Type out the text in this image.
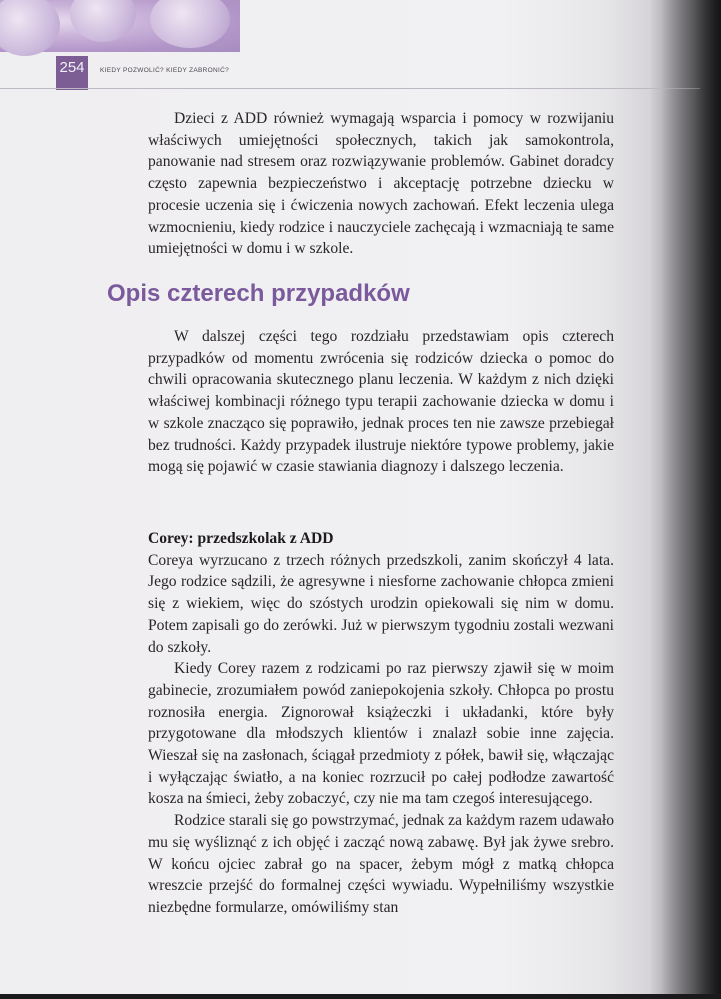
254	KIEDY POZWOLIĆ? KIEDY ZABRONIĆ?

Dzieci z ADD również wymagają wsparcia i pomocy w rozwijaniu właściwych umiejętności społecznych, takich jak samokontrola, panowanie nad stresem oraz rozwiązywanie problemów. Gabinet doradcy często zapewnia bezpieczeństwo i akceptację potrzebne dziecku w procesie uczenia się i ćwiczenia nowych zachowań. Efekt leczenia ulega wzmocnieniu, kiedy rodzice i nauczyciele zachęcają i wzmacniają te same umiejętności w domu i w szkole.

Opis czterech przypadków

W dalszej części tego rozdziału przedstawiam opis czterech przypadków od momentu zwrócenia się rodziców dziecka o pomoc do chwili opracowania skutecznego planu leczenia. W każdym z nich dzięki właściwej kombinacji różnego typu terapii zachowanie dziecka w domu i w szkole znacząco się poprawiło, jednak proces ten nie zawsze przebiegał bez trudności. Każdy przypadek ilustruje niektóre typowe problemy, jakie mogą się pojawić w czasie stawiania diagnozy i dalszego leczenia.

Corey: przedszkolak z ADD

Coreya wyrzucano z trzech różnych przedszkoli, zanim skończył 4 lata. Jego rodzice sądzili, że agresywne i niesforne zachowanie chłopca zmieni się z wiekiem, więc do szóstych urodzin opiekowali się nim w domu. Potem zapisali go do zerówki. Już w pierwszym tygodniu zostali wezwani do szkoły.

Kiedy Corey razem z rodzicami po raz pierwszy zjawił się w moim gabinecie, zrozumiałem powód zaniepokojenia szkoły. Chłopca po prostu roznosiła energia. Zignorował książeczki i układanki, które były przygotowane dla młodszych klientów i znalazł sobie inne zajęcia. Wieszał się na zasłonach, ściągał przedmioty z półek, bawił się, włączając i wyłączając światło, a na koniec rozrzucił po całej podłodze zawartość kosza na śmieci, żeby zobaczyć, czy nie ma tam czegoś interesującego.

Rodzice starali się go powstrzymać, jednak za każdym razem udawało mu się wyśliznąć z ich objęć i zacząć nową zabawę. Był jak żywe srebro. W końcu ojciec zabrał go na spacer, żebym mógł z matką chłopca wreszcie przejść do formalnej części wywiadu. Wypełniliśmy wszystkie niezbędne formularze, omówiliśmy stan
